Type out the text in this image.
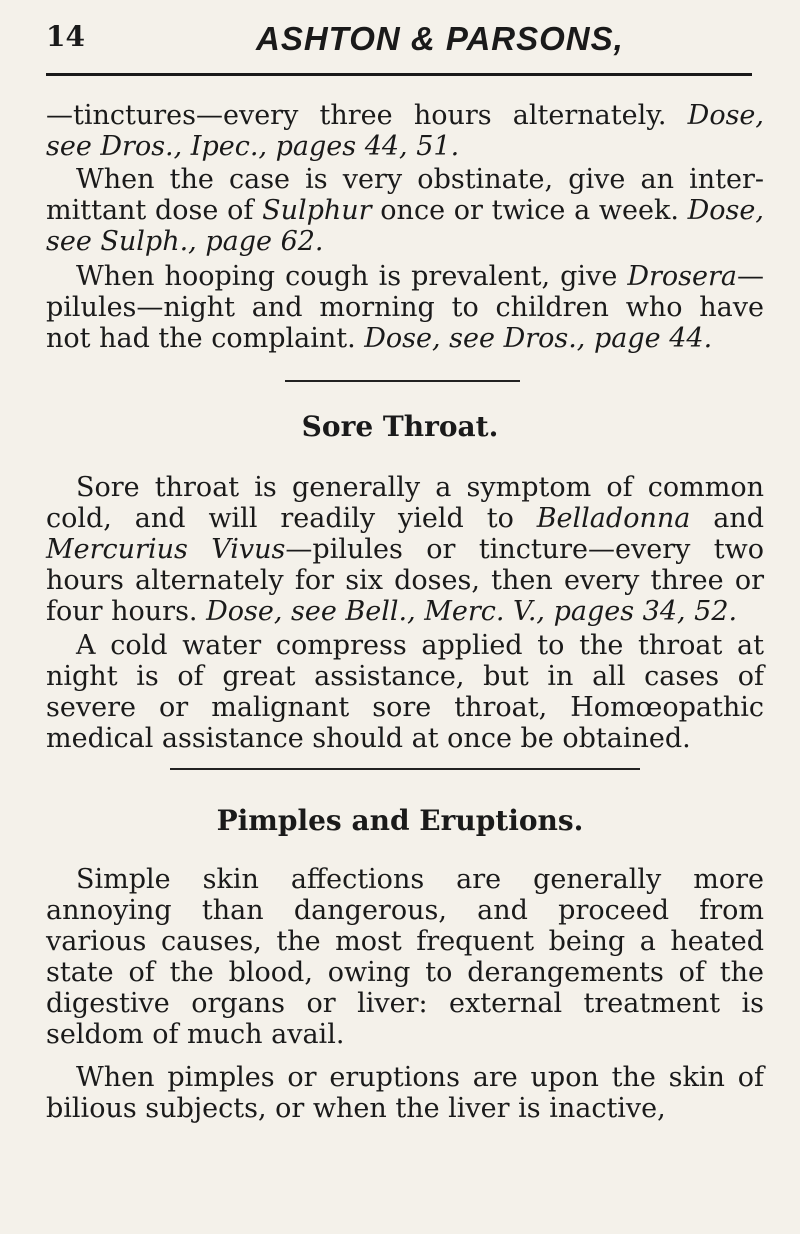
14	ASHTON & PARSONS,

—tinctures—every three hours alternately. Dose, see Dros., Ipec., pages 44, 51.

When the case is very obstinate, give an inter-mittant dose of Sulphur once or twice a week. Dose, see Sulph., page 62.

When hooping cough is prevalent, give Drosera—pilules—night and morning to children who have not had the complaint. Dose, see Dros., page 44.

Sore Throat.

Sore throat is generally a symptom of common cold, and will readily yield to Belladonna and Mercurius Vivus—pilules or tincture—every two hours alternately for six doses, then every three or four hours. Dose, see Bell., Merc. V., pages 34, 52.

A cold water compress applied to the throat at night is of great assistance, but in all cases of severe or malignant sore throat, Homœopathic medical assistance should at once be obtained.

Pimples and Eruptions.

Simple skin affections are generally more annoying than dangerous, and proceed from various causes, the most frequent being a heated state of the blood, owing to derangements of the digestive organs or liver: external treatment is seldom of much avail.

When pimples or eruptions are upon the skin of bilious subjects, or when the liver is inactive,
